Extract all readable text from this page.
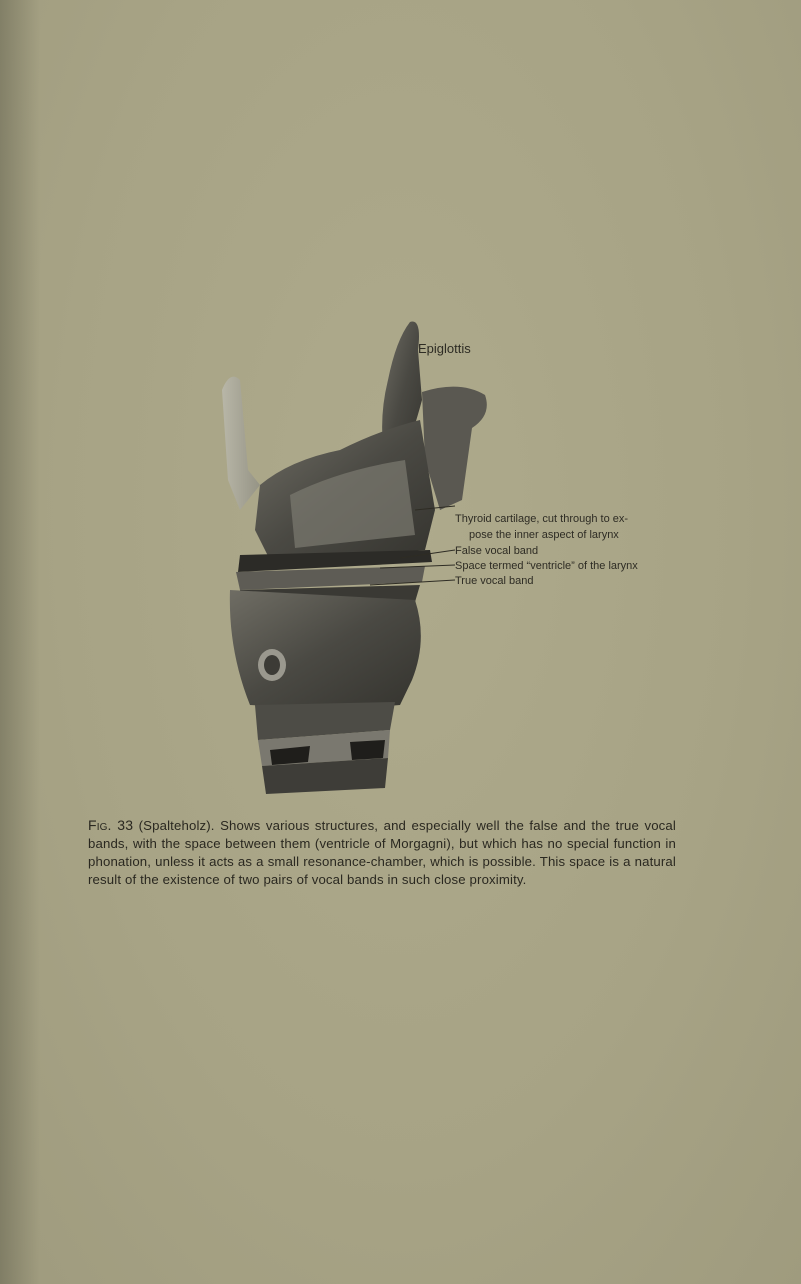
Epiglottis
Thyroid cartilage, cut through to ex-
pose the inner aspect of larynx
False vocal band
Space termed “ventricle” of the larynx
True vocal band
Fig. 33 (Spalteholz). Shows various structures, and especially well the false and the true vocal bands, with the space between them (ventricle of Morgagni), but which has no special function in phonation, unless it acts as a small resonance-chamber, which is possible. This space is a natural result of the existence of two pairs of vocal bands in such close proximity.
